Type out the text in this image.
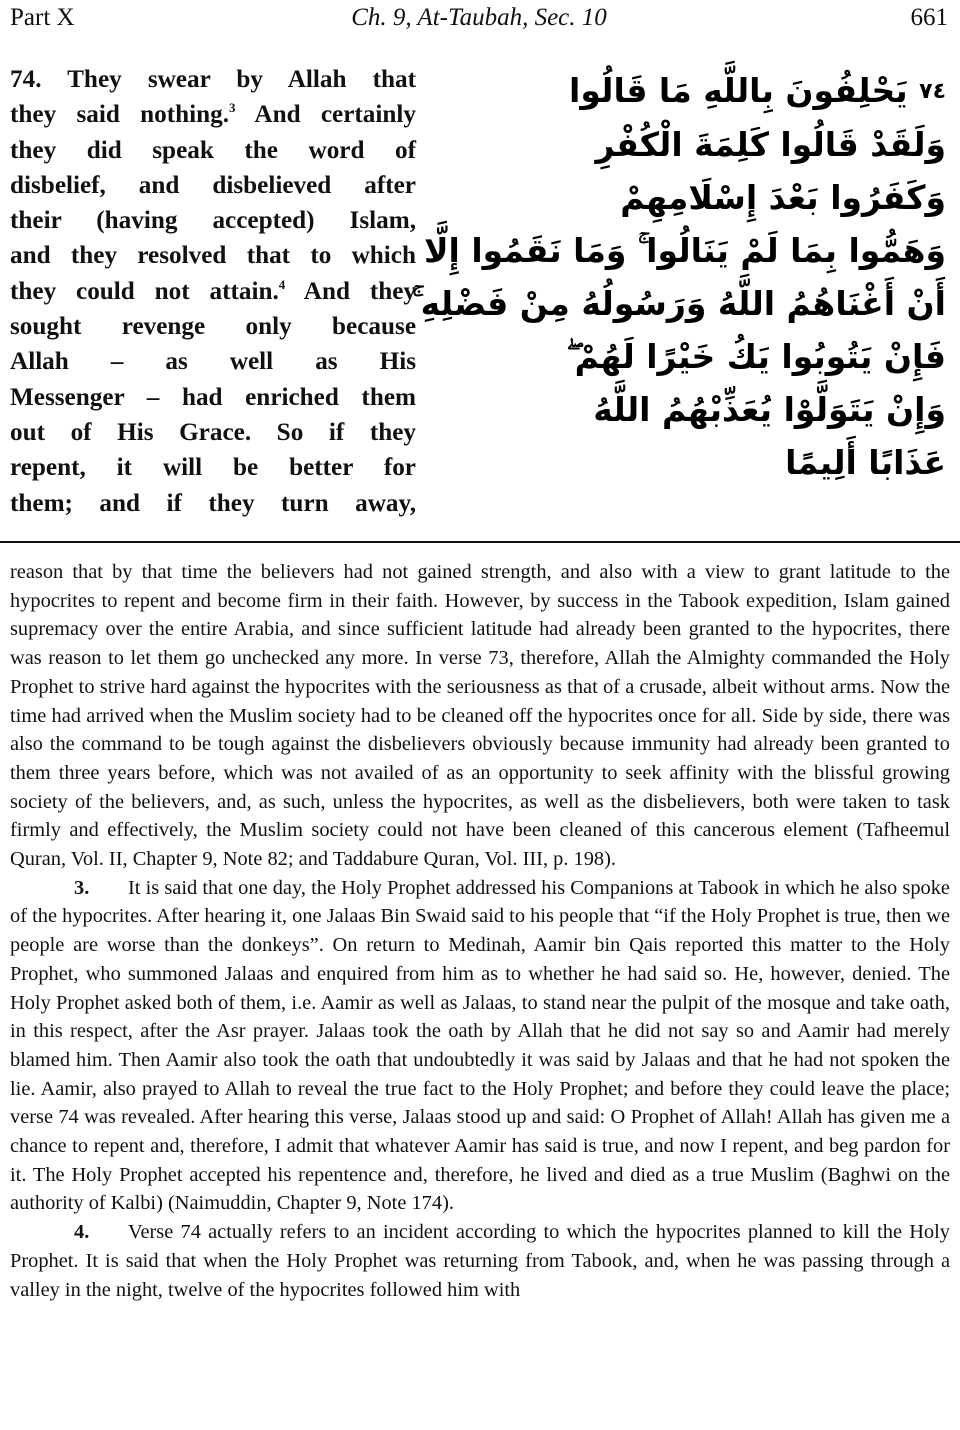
Part X	Ch. 9, At-Taubah, Sec. 10	661
74. They swear by Allah that
they said nothing.$^3$ And certainly
they did speak the word of
disbelief, and disbelieved after
their (having accepted) Islam,
and they resolved that to which
they could not attain.$^4$ And they
sought revenge only because
Allah – as well as His
Messenger – had enriched them
out of His Grace. So if they
repent, it will be better for
them; and if they turn away,
٧٤ يَحْلِفُونَ بِاللَّهِ مَا قَالُوا
وَلَقَدْ قَالُوا كَلِمَةَ الْكُفْرِ
وَكَفَرُوا بَعْدَ إِسْلَامِهِمْ
وَهَمُّوا بِمَا لَمْ يَنَالُوا ۚ وَمَا نَقَمُوا إِلَّا
أَنْ أَغْنَاهُمُ اللَّهُ وَرَسُولُهُ مِنْ فَضْلِهِ ۚ
فَإِنْ يَتُوبُوا يَكُ خَيْرًا لَهُمْ ۖ
وَإِنْ يَتَوَلَّوْا يُعَذِّبْهُمُ اللَّهُ
عَذَابًا أَلِيمًا

reason that by that time the believers had not gained strength, and also with a view to grant latitude to the hypocrites to repent and become firm in their faith. However, by success in the Tabook expedition, Islam gained supremacy over the entire Arabia, and since sufficient latitude had already been granted to the hypocrites, there was reason to let them go unchecked any more. In verse 73, therefore, Allah the Almighty commanded the Holy Prophet to strive hard against the hypocrites with the seriousness as that of a crusade, albeit without arms. Now the time had arrived when the Muslim society had to be cleaned off the hypocrites once for all. Side by side, there was also the command to be tough against the disbelievers obviously because immunity had already been granted to them three years before, which was not availed of as an opportunity to seek affinity with the blissful growing society of the believers, and, as such, unless the hypocrites, as well as the disbelievers, both were taken to task firmly and effectively, the Muslim society could not have been cleaned of this cancerous element (Tafheemul Quran, Vol. II, Chapter 9, Note 82; and Taddabure Quran, Vol. III, p. 198).

3. It is said that one day, the Holy Prophet addressed his Companions at Tabook in which he also spoke of the hypocrites. After hearing it, one Jalaas Bin Swaid said to his people that “if the Holy Prophet is true, then we people are worse than the donkeys”. On return to Medinah, Aamir bin Qais reported this matter to the Holy Prophet, who summoned Jalaas and enquired from him as to whether he had said so. He, however, denied. The Holy Prophet asked both of them, i.e. Aamir as well as Jalaas, to stand near the pulpit of the mosque and take oath, in this respect, after the Asr prayer. Jalaas took the oath by Allah that he did not say so and Aamir had merely blamed him. Then Aamir also took the oath that undoubtedly it was said by Jalaas and that he had not spoken the lie. Aamir, also prayed to Allah to reveal the true fact to the Holy Prophet; and before they could leave the place; verse 74 was revealed. After hearing this verse, Jalaas stood up and said: O Prophet of Allah! Allah has given me a chance to repent and, therefore, I admit that whatever Aamir has said is true, and now I repent, and beg pardon for it. The Holy Prophet accepted his repentence and, therefore, he lived and died as a true Muslim (Baghwi on the authority of Kalbi) (Naimuddin, Chapter 9, Note 174).

4. Verse 74 actually refers to an incident according to which the hypocrites planned to kill the Holy Prophet. It is said that when the Holy Prophet was returning from Tabook, and, when he was passing through a valley in the night, twelve of the hypocrites followed him with
